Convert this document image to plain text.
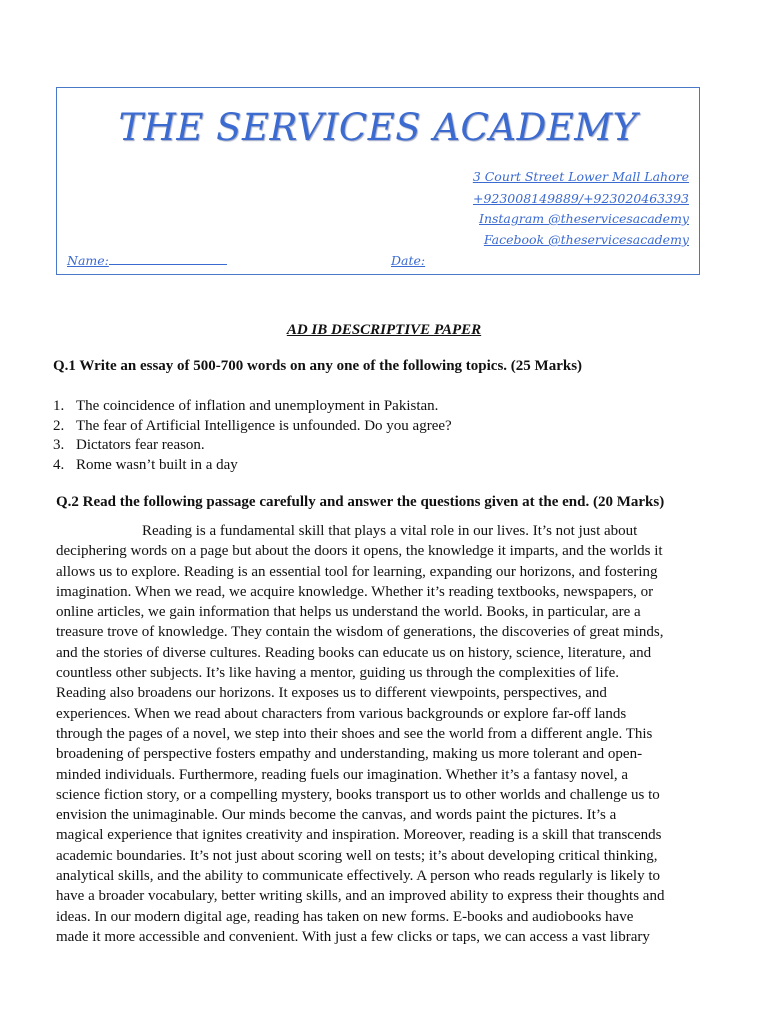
THE SERVICES ACADEMY
3 Court Street Lower Mall Lahore
+923008149889/+923020463393
Instagram @theservicesacademy
Facebook @theservicesacademy
Name:	Date:
AD IB DESCRIPTIVE PAPER
Q.1 Write an essay of 500-700 words on any one of the following topics. (25 Marks)
1. The coincidence of inflation and unemployment in Pakistan.
2. The fear of Artificial Intelligence is unfounded. Do you agree?
3. Dictators fear reason.
4. Rome wasn’t built in a day
Q.2 Read the following passage carefully and answer the questions given at the end. (20 Marks)
Reading is a fundamental skill that plays a vital role in our lives. It’s not just about
deciphering words on a page but about the doors it opens, the knowledge it imparts, and the worlds it
allows us to explore. Reading is an essential tool for learning, expanding our horizons, and fostering
imagination. When we read, we acquire knowledge. Whether it’s reading textbooks, newspapers, or
online articles, we gain information that helps us understand the world. Books, in particular, are a
treasure trove of knowledge. They contain the wisdom of generations, the discoveries of great minds,
and the stories of diverse cultures. Reading books can educate us on history, science, literature, and
countless other subjects. It’s like having a mentor, guiding us through the complexities of life.
Reading also broadens our horizons. It exposes us to different viewpoints, perspectives, and
experiences. When we read about characters from various backgrounds or explore far-off lands
through the pages of a novel, we step into their shoes and see the world from a different angle. This
broadening of perspective fosters empathy and understanding, making us more tolerant and open-
minded individuals. Furthermore, reading fuels our imagination. Whether it’s a fantasy novel, a
science fiction story, or a compelling mystery, books transport us to other worlds and challenge us to
envision the unimaginable. Our minds become the canvas, and words paint the pictures. It’s a
magical experience that ignites creativity and inspiration. Moreover, reading is a skill that transcends
academic boundaries. It’s not just about scoring well on tests; it’s about developing critical thinking,
analytical skills, and the ability to communicate effectively. A person who reads regularly is likely to
have a broader vocabulary, better writing skills, and an improved ability to express their thoughts and
ideas. In our modern digital age, reading has taken on new forms. E-books and audiobooks have
made it more accessible and convenient. With just a few clicks or taps, we can access a vast library
